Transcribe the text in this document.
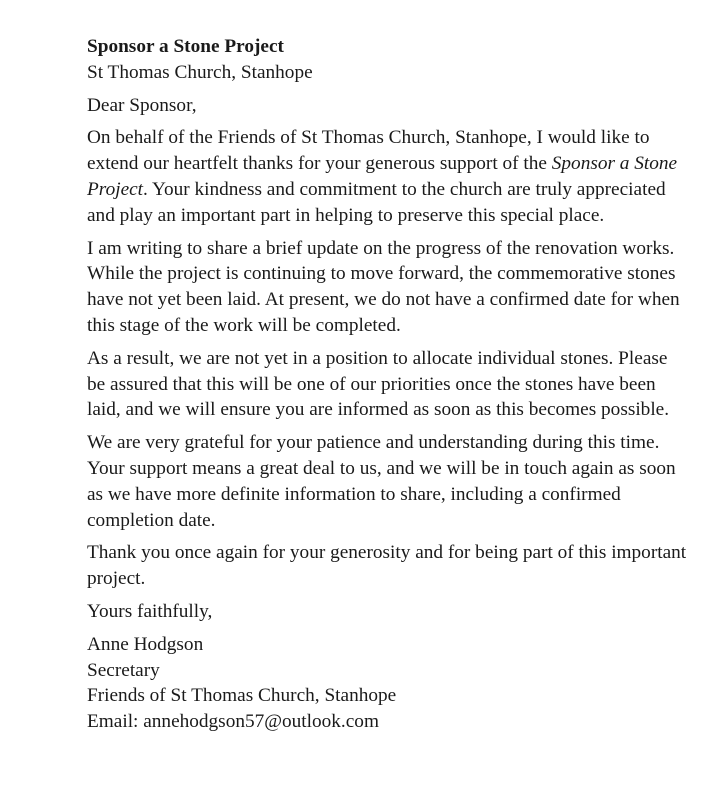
Sponsor a Stone Project
St Thomas Church, Stanhope

Dear Sponsor,

On behalf of the Friends of St Thomas Church, Stanhope, I would like to extend our heartfelt thanks for your generous support of the Sponsor a Stone Project. Your kindness and commitment to the church are truly appreciated and play an important part in helping to preserve this special place.

I am writing to share a brief update on the progress of the renovation works. While the project is continuing to move forward, the commemorative stones have not yet been laid. At present, we do not have a confirmed date for when this stage of the work will be completed.

As a result, we are not yet in a position to allocate individual stones. Please be assured that this will be one of our priorities once the stones have been laid, and we will ensure you are informed as soon as this becomes possible.

We are very grateful for your patience and understanding during this time. Your support means a great deal to us, and we will be in touch again as soon as we have more definite information to share, including a confirmed completion date.

Thank you once again for your generosity and for being part of this important project.

Yours faithfully,

Anne Hodgson
Secretary
Friends of St Thomas Church, Stanhope
Email: annehodgson57@outlook.com
